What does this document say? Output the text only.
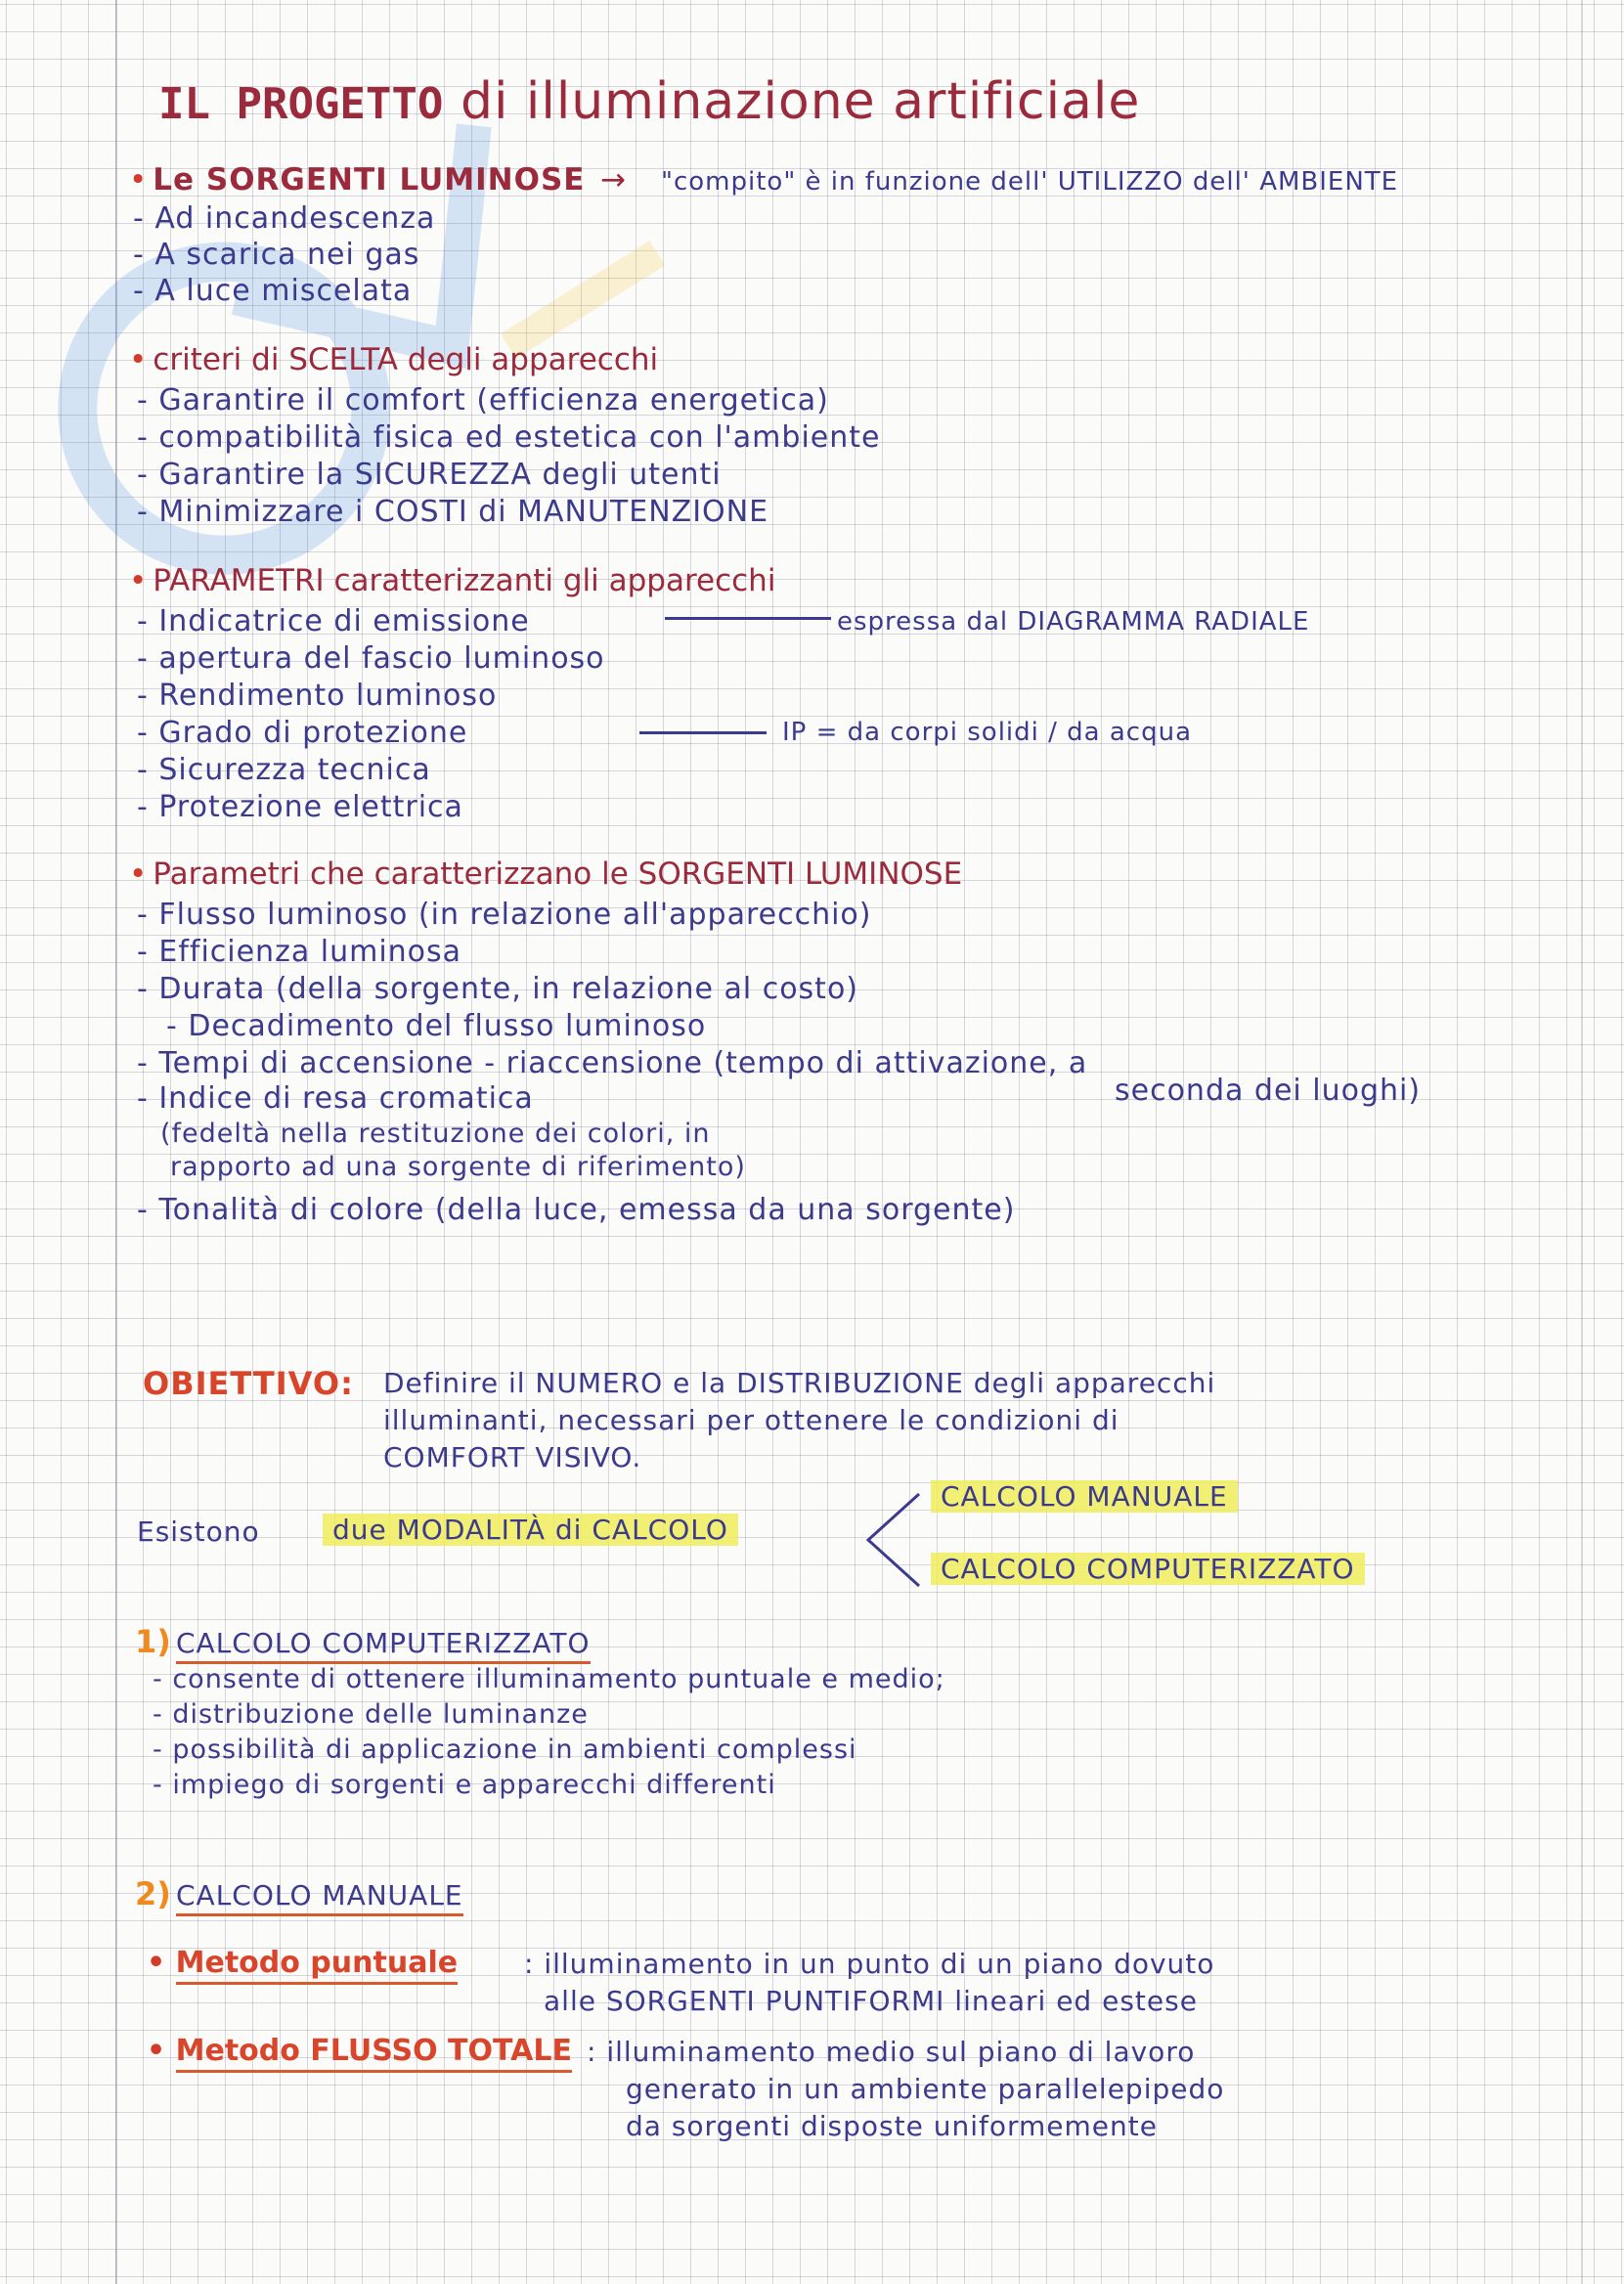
IL PROGETTO di illuminazione artificiale
• Le SORGENTI LUMINOSE → "compito" è in funzione dell' UTILIZZO dell' AMBIENTE
- Ad incandescenza
- A scarica nei gas
- A luce miscelata
• criteri di SCELTA degli apparecchi
- Garantire il comfort (efficienza energetica)
- compatibilità fisica ed estetica con l'ambiente
- Garantire la SICUREZZA degli utenti
- Minimizzare i COSTI di MANUTENZIONE
• PARAMETRI caratterizzanti gli apparecchi
- Indicatrice di emissione	espressa dal DIAGRAMMA RADIALE
- apertura del fascio luminoso
- Rendimento luminoso
- Grado di protezione	IP = da corpi solidi / da acqua
- Sicurezza tecnica
- Protezione elettrica
• Parametri che caratterizzano le SORGENTI LUMINOSE
- Flusso luminoso (in relazione all'apparecchio)
- Efficienza luminosa
- Durata (della sorgente, in relazione al costo)
- Decadimento del flusso luminoso
- Tempi di accensione - riaccensione (tempo di attivazione, a
seconda dei luoghi)
- Indice di resa cromatica
(fedeltà nella restituzione dei colori, in
rapporto ad una sorgente di riferimento)
- Tonalità di colore (della luce, emessa da una sorgente)
OBIETTIVO: Definire il NUMERO e la DISTRIBUZIONE degli apparecchi
illuminanti, necessari per ottenere le condizioni di
COMFORT VISIVO.
Esistono	due MODALITÀ di CALCOLO
CALCOLO MANUALE
CALCOLO COMPUTERIZZATO
1) CALCOLO COMPUTERIZZATO
- consente di ottenere illuminamento puntuale e medio;
- distribuzione delle luminanze
- possibilità di applicazione in ambienti complessi
- impiego di sorgenti e apparecchi differenti
2) CALCOLO MANUALE
• Metodo puntuale : illuminamento in un punto di un piano dovuto
alle SORGENTI PUNTIFORMI lineari ed estese
• Metodo FLUSSO TOTALE : illuminamento medio sul piano di lavoro
generato in un ambiente parallelepipedo
da sorgenti disposte uniformemente
